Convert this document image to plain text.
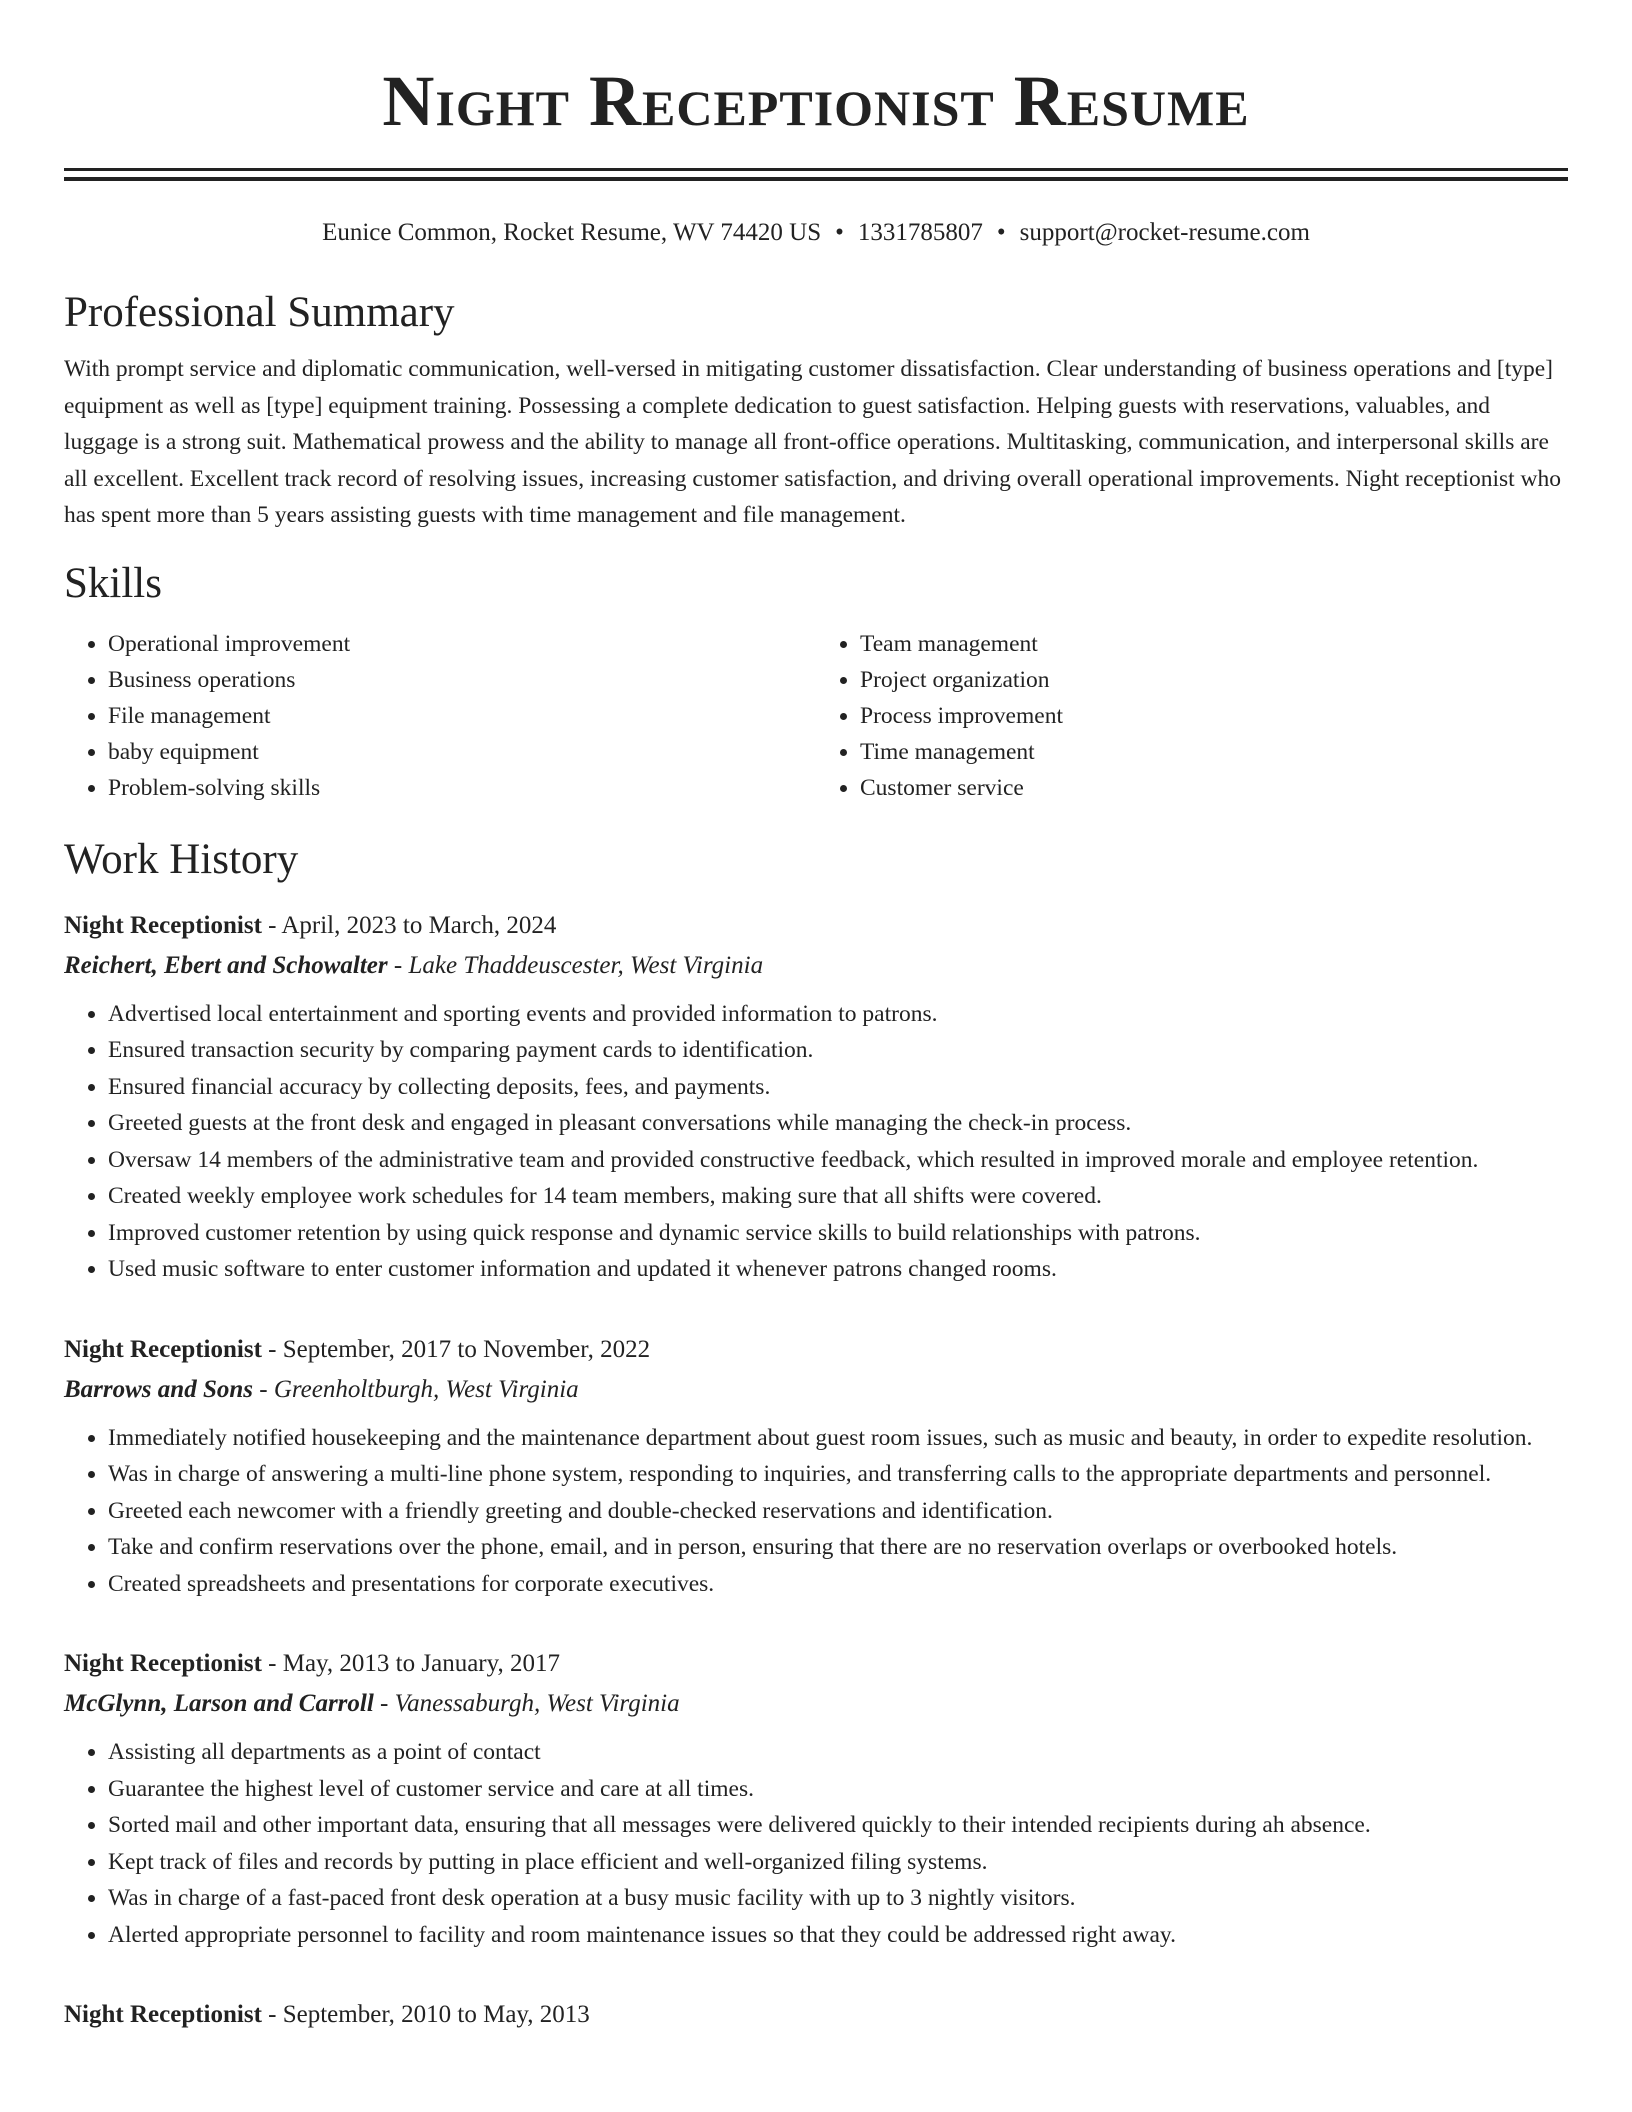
Night Receptionist Resume
Eunice Common, Rocket Resume, WV 74420 US • 1331785807 • support@rocket-resume.com
Professional Summary

With prompt service and diplomatic communication, well-versed in mitigating customer dissatisfaction. Clear understanding of business operations and [type] equipment as well as [type] equipment training. Possessing a complete dedication to guest satisfaction. Helping guests with reservations, valuables, and luggage is a strong suit. Mathematical prowess and the ability to manage all front-office operations. Multitasking, communication, and interpersonal skills are all excellent. Excellent track record of resolving issues, increasing customer satisfaction, and driving overall operational improvements. Night receptionist who has spent more than 5 years assisting guests with time management and file management.

Skills
• Operational improvement
• Business operations
• File management
• baby equipment
• Problem-solving skills
• Team management
• Project organization
• Process improvement
• Time management
• Customer service
Work History
Night Receptionist - April, 2023 to March, 2024
Reichert, Ebert and Schowalter - Lake Thaddeuscester, West Virginia
• Advertised local entertainment and sporting events and provided information to patrons.
• Ensured transaction security by comparing payment cards to identification.
• Ensured financial accuracy by collecting deposits, fees, and payments.
• Greeted guests at the front desk and engaged in pleasant conversations while managing the check-in process.
• Oversaw 14 members of the administrative team and provided constructive feedback, which resulted in improved morale and employee retention.
• Created weekly employee work schedules for 14 team members, making sure that all shifts were covered.
• Improved customer retention by using quick response and dynamic service skills to build relationships with patrons.
• Used music software to enter customer information and updated it whenever patrons changed rooms.
Night Receptionist - September, 2017 to November, 2022
Barrows and Sons - Greenholtburgh, West Virginia
• Immediately notified housekeeping and the maintenance department about guest room issues, such as music and beauty, in order to expedite resolution.
• Was in charge of answering a multi-line phone system, responding to inquiries, and transferring calls to the appropriate departments and personnel.
• Greeted each newcomer with a friendly greeting and double-checked reservations and identification.
• Take and confirm reservations over the phone, email, and in person, ensuring that there are no reservation overlaps or overbooked hotels.
• Created spreadsheets and presentations for corporate executives.
Night Receptionist - May, 2013 to January, 2017
McGlynn, Larson and Carroll - Vanessaburgh, West Virginia
• Assisting all departments as a point of contact
• Guarantee the highest level of customer service and care at all times.
• Sorted mail and other important data, ensuring that all messages were delivered quickly to their intended recipients during ah absence.
• Kept track of files and records by putting in place efficient and well-organized filing systems.
• Was in charge of a fast-paced front desk operation at a busy music facility with up to 3 nightly visitors.
• Alerted appropriate personnel to facility and room maintenance issues so that they could be addressed right away.
Night Receptionist - September, 2010 to May, 2013
